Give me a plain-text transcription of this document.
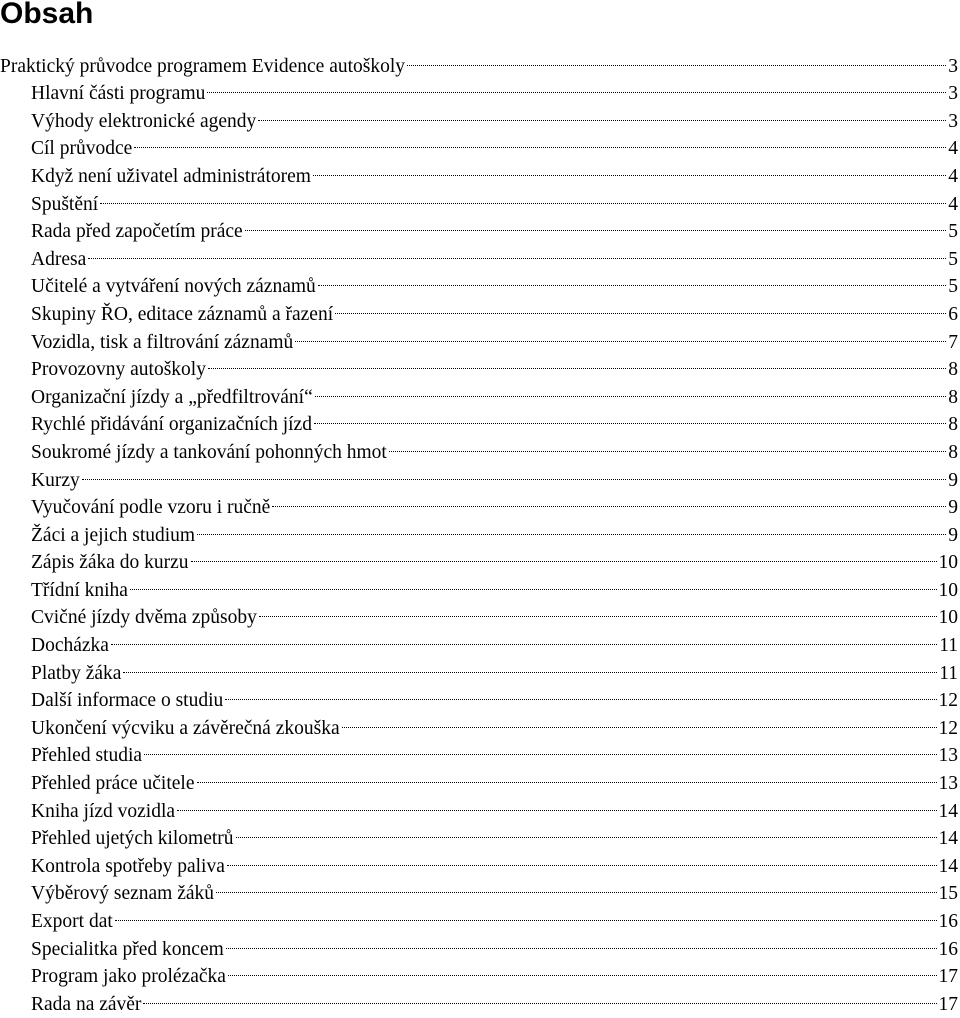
Obsah
Praktický průvodce programem Evidence autoškoly	3
Hlavní části programu	3
Výhody elektronické agendy	3
Cíl průvodce	4
Když není uživatel administrátorem	4
Spuštění	4
Rada před započetím práce	5
Adresa	5
Učitelé a vytváření nových záznamů	5
Skupiny ŘO, editace záznamů a řazení	6
Vozidla, tisk a filtrování záznamů	7
Provozovny autoškoly	8
Organizační jízdy a „předfiltrování“	8
Rychlé přidávání organizačních jízd	8
Soukromé jízdy a tankování pohonných hmot	8
Kurzy	9
Vyučování podle vzoru i ručně	9
Žáci a jejich studium	9
Zápis žáka do kurzu	10
Třídní kniha	10
Cvičné jízdy dvěma způsoby	10
Docházka	11
Platby žáka	11
Další informace o studiu	12
Ukončení výcviku a závěrečná zkouška	12
Přehled studia	13
Přehled práce učitele	13
Kniha jízd vozidla	14
Přehled ujetých kilometrů	14
Kontrola spotřeby paliva	14
Výběrový seznam žáků	15
Export dat	16
Specialitka před koncem	16
Program jako prolézačka	17
Rada na závěr	17
